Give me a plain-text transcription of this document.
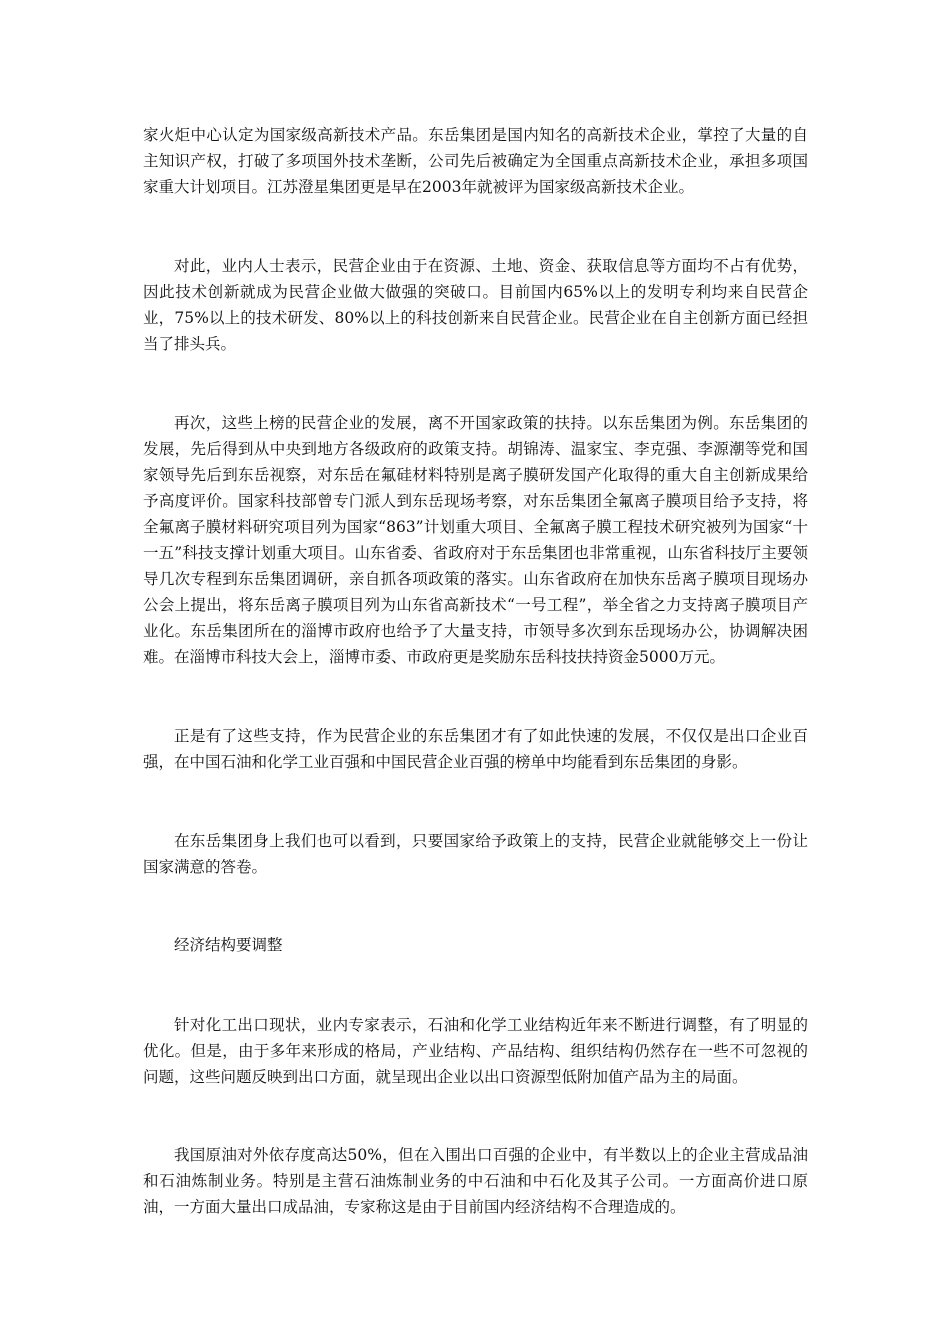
家火炬中心认定为国家级高新技术产品。东岳集团是国内知名的高新技术企业，掌控了大量的自主知识产权，打破了多项国外技术垄断，公司先后被确定为全国重点高新技术企业，承担多项国家重大计划项目。江苏澄星集团更是早在2003年就被评为国家级高新技术企业。

对此，业内人士表示，民营企业由于在资源、土地、资金、获取信息等方面均不占有优势，因此技术创新就成为民营企业做大做强的突破口。目前国内65%以上的发明专利均来自民营企业，75%以上的技术研发、80%以上的科技创新来自民营企业。民营企业在自主创新方面已经担当了排头兵。

再次，这些上榜的民营企业的发展，离不开国家政策的扶持。以东岳集团为例。东岳集团的发展，先后得到从中央到地方各级政府的政策支持。胡锦涛、温家宝、李克强、李源潮等党和国家领导先后到东岳视察，对东岳在氟硅材料特别是离子膜研发国产化取得的重大自主创新成果给予高度评价。国家科技部曾专门派人到东岳现场考察，对东岳集团全氟离子膜项目给予支持，将全氟离子膜材料研究项目列为国家“863”计划重大项目、全氟离子膜工程技术研究被列为国家“十一五”科技支撑计划重大项目。山东省委、省政府对于东岳集团也非常重视，山东省科技厅主要领导几次专程到东岳集团调研，亲自抓各项政策的落实。山东省政府在加快东岳离子膜项目现场办公会上提出，将东岳离子膜项目列为山东省高新技术“一号工程”，举全省之力支持离子膜项目产业化。东岳集团所在的淄博市政府也给予了大量支持，市领导多次到东岳现场办公，协调解决困难。在淄博市科技大会上，淄博市委、市政府更是奖励东岳科技扶持资金5000万元。

正是有了这些支持，作为民营企业的东岳集团才有了如此快速的发展，不仅仅是出口企业百强，在中国石油和化学工业百强和中国民营企业百强的榜单中均能看到东岳集团的身影。

在东岳集团身上我们也可以看到，只要国家给予政策上的支持，民营企业就能够交上一份让国家满意的答卷。

经济结构要调整

针对化工出口现状，业内专家表示，石油和化学工业结构近年来不断进行调整，有了明显的优化。但是，由于多年来形成的格局，产业结构、产品结构、组织结构仍然存在一些不可忽视的问题，这些问题反映到出口方面，就呈现出企业以出口资源型低附加值产品为主的局面。

我国原油对外依存度高达50%，但在入围出口百强的企业中，有半数以上的企业主营成品油和石油炼制业务。特别是主营石油炼制业务的中石油和中石化及其子公司。一方面高价进口原油，一方面大量出口成品油，专家称这是由于目前国内经济结构不合理造成的。
